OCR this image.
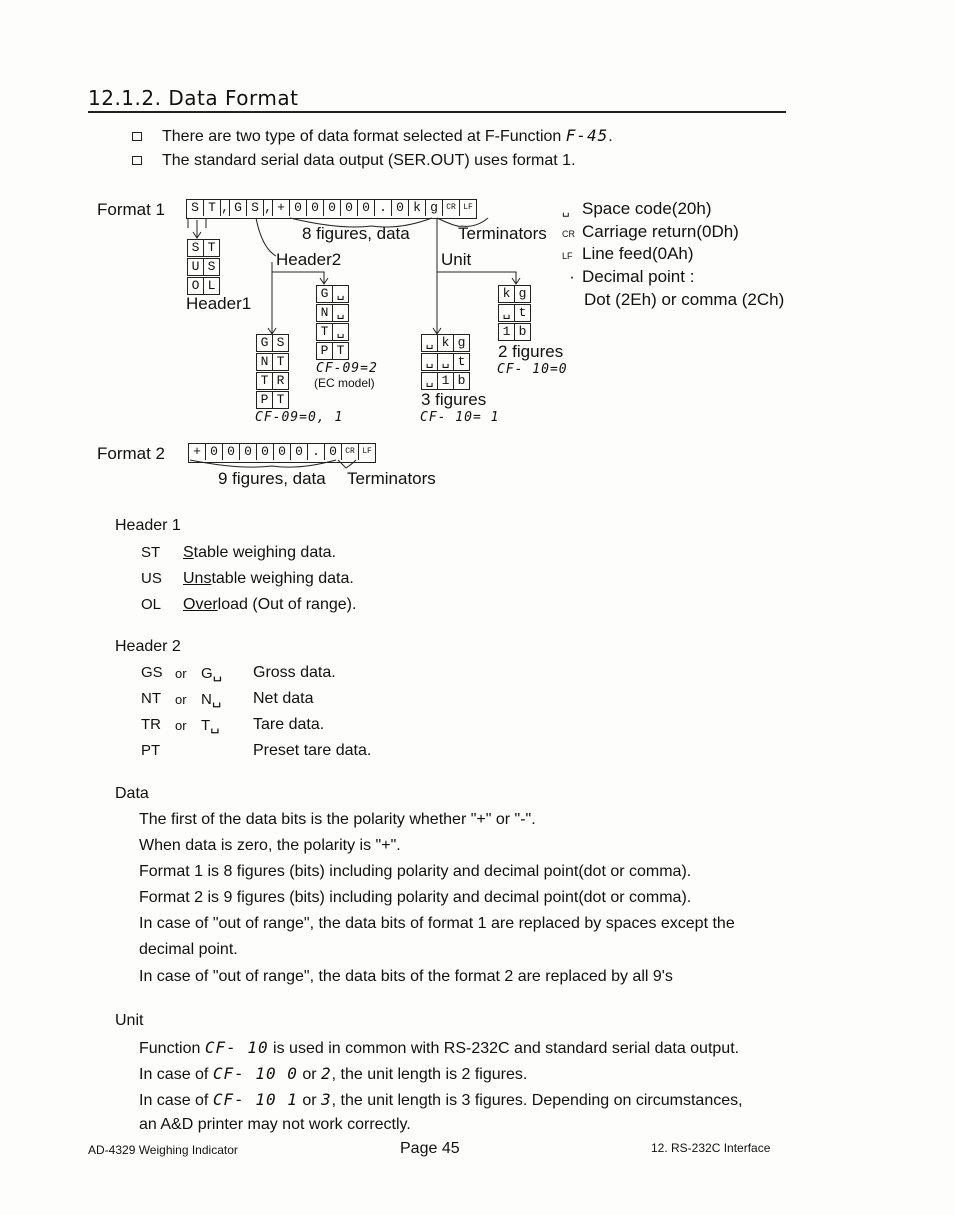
12.1.2. Data Format
There are two type of data format selected at F-Function F-45.
The standard serial data output (SER.OUT) uses format 1.
Format 1	S T , G S , + 0 0 0 0 0 . 0 k g	CR LF
8 figures, data	Terminators
Header2	Unit
Header1
S T
U S
O L
G ␣
N ␣
T ␣
P T
CF-09=2
(EC model)
G S
N T
T R
P T
CF-09=0, 1
k g
␣ t
1 b
2 figures
CF- 10=0
␣ k g
␣ ␣ t
␣ 1 b
3 figures
CF- 10= 1
␣ Space code(20h)
CR Carriage return(0Dh)
LF Line feed(0Ah)
· Decimal point :
Dot (2Eh) or comma (2Ch)
Format 2	+ 0 0 0 0 0 0 . 0	CR LF
9 figures, data Terminators
Header 1
ST Stable weighing data.
US Unstable weighing data.
OL Overload (Out of range).
Header 2
GS or G␣ Gross data.
NT or N␣ Net data
TR or T␣ Tare data.
PT	Preset tare data.
Data
The first of the data bits is the polarity whether "+" or "-".
When data is zero, the polarity is "+".
Format 1 is 8 figures (bits) including polarity and decimal point(dot or comma).
Format 2 is 9 figures (bits) including polarity and decimal point(dot or comma).
In case of "out of range", the data bits of format 1 are replaced by spaces except the
decimal point.
In case of "out of range", the data bits of the format 2 are replaced by all 9's
Unit
Function CF- 10 is used in common with RS-232C and standard serial data output.
In case of CF- 10 0 or 2, the unit length is 2 figures.
In case of CF- 10 1 or 3, the unit length is 3 figures. Depending on circumstances,
an A&D printer may not work correctly.
AD-4329 Weighing Indicator	Page 45	12. RS-232C Interface
